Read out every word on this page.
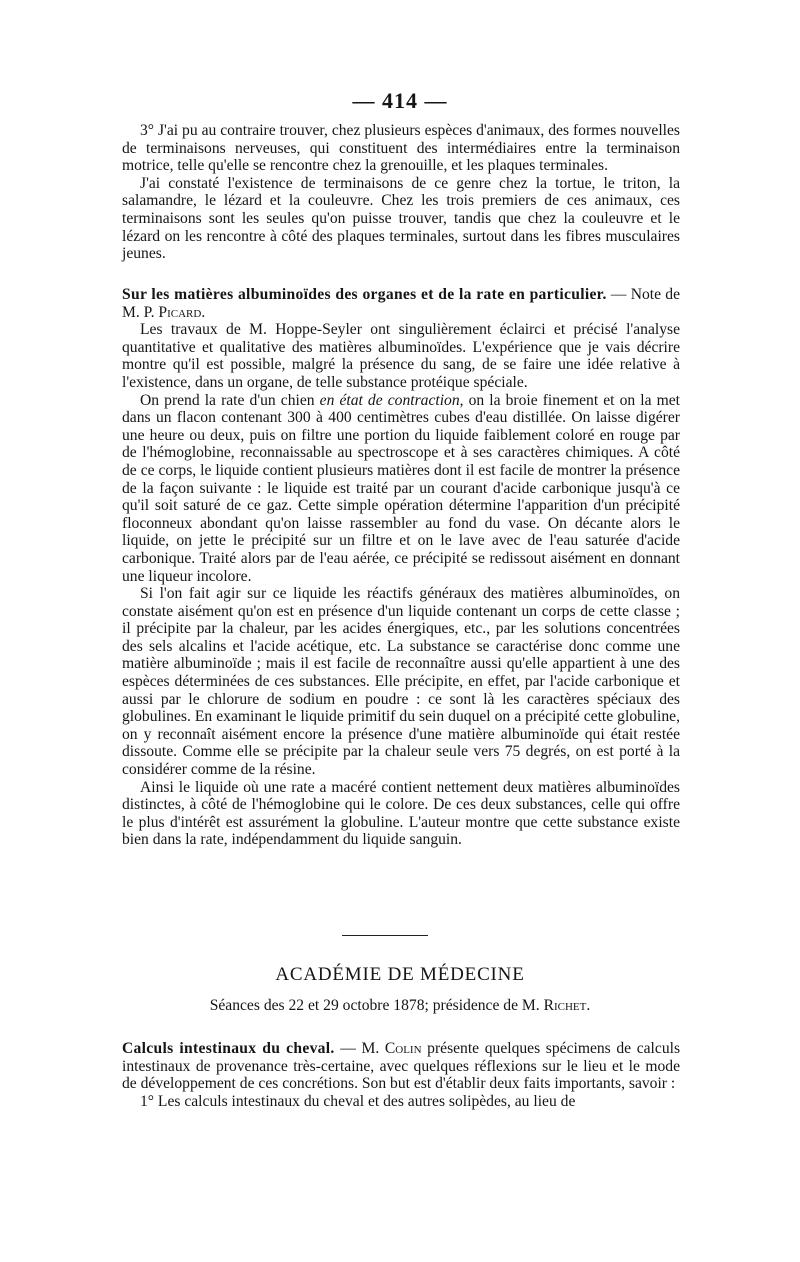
— 414 —

3° J'ai pu au contraire trouver, chez plusieurs espèces d'animaux, des formes nouvelles de terminaisons nerveuses, qui constituent des intermédiaires entre la terminaison motrice, telle qu'elle se rencontre chez la grenouille, et les plaques terminales.

J'ai constaté l'existence de terminaisons de ce genre chez la tortue, le triton, la salamandre, le lézard et la couleuvre. Chez les trois premiers de ces animaux, ces terminaisons sont les seules qu'on puisse trouver, tandis que chez la couleuvre et le lézard on les rencontre à côté des plaques terminales, surtout dans les fibres musculaires jeunes.

Sur les matières albuminoïdes des organes et de la rate en particulier. — Note de M. P. Picard.

Les travaux de M. Hoppe-Seyler ont singulièrement éclairci et précisé l'analyse quantitative et qualitative des matières albuminoïdes. L'expérience que je vais décrire montre qu'il est possible, malgré la présence du sang, de se faire une idée relative à l'existence, dans un organe, de telle substance protéique spéciale.

On prend la rate d'un chien en état de contraction, on la broie finement et on la met dans un flacon contenant 300 à 400 centimètres cubes d'eau distillée. On laisse digérer une heure ou deux, puis on filtre une portion du liquide faiblement coloré en rouge par de l'hémoglobine, reconnaissable au spectroscope et à ses caractères chimiques. A côté de ce corps, le liquide contient plusieurs matières dont il est facile de montrer la présence de la façon suivante : le liquide est traité par un courant d'acide carbonique jusqu'à ce qu'il soit saturé de ce gaz. Cette simple opération détermine l'apparition d'un précipité floconneux abondant qu'on laisse rassembler au fond du vase. On décante alors le liquide, on jette le précipité sur un filtre et on le lave avec de l'eau saturée d'acide carbonique. Traité alors par de l'eau aérée, ce précipité se redissout aisément en donnant une liqueur incolore.

Si l'on fait agir sur ce liquide les réactifs généraux des matières albuminoïdes, on constate aisément qu'on est en présence d'un liquide contenant un corps de cette classe ; il précipite par la chaleur, par les acides énergiques, etc., par les solutions concentrées des sels alcalins et l'acide acétique, etc. La substance se caractérise donc comme une matière albuminoïde ; mais il est facile de reconnaître aussi qu'elle appartient à une des espèces déterminées de ces substances. Elle précipite, en effet, par l'acide carbonique et aussi par le chlorure de sodium en poudre : ce sont là les caractères spéciaux des globulines. En examinant le liquide primitif du sein duquel on a précipité cette globuline, on y reconnaît aisément encore la présence d'une matière albuminoïde qui était restée dissoute. Comme elle se précipite par la chaleur seule vers 75 degrés, on est porté à la considérer comme de la résine.

Ainsi le liquide où une rate a macéré contient nettement deux matières albuminoïdes distinctes, à côté de l'hémoglobine qui le colore. De ces deux substances, celle qui offre le plus d'intérêt est assurément la globuline. L'auteur montre que cette substance existe bien dans la rate, indépendamment du liquide sanguin.

ACADÉMIE DE MÉDECINE
Séances des 22 et 29 octobre 1878; présidence de M. Richet.

Calculs intestinaux du cheval. — M. Colin présente quelques spécimens de calculs intestinaux de provenance très-certaine, avec quelques réflexions sur le lieu et le mode de développement de ces concrétions. Son but est d'établir deux faits importants, savoir :

1° Les calculs intestinaux du cheval et des autres solipèdes, au lieu de
